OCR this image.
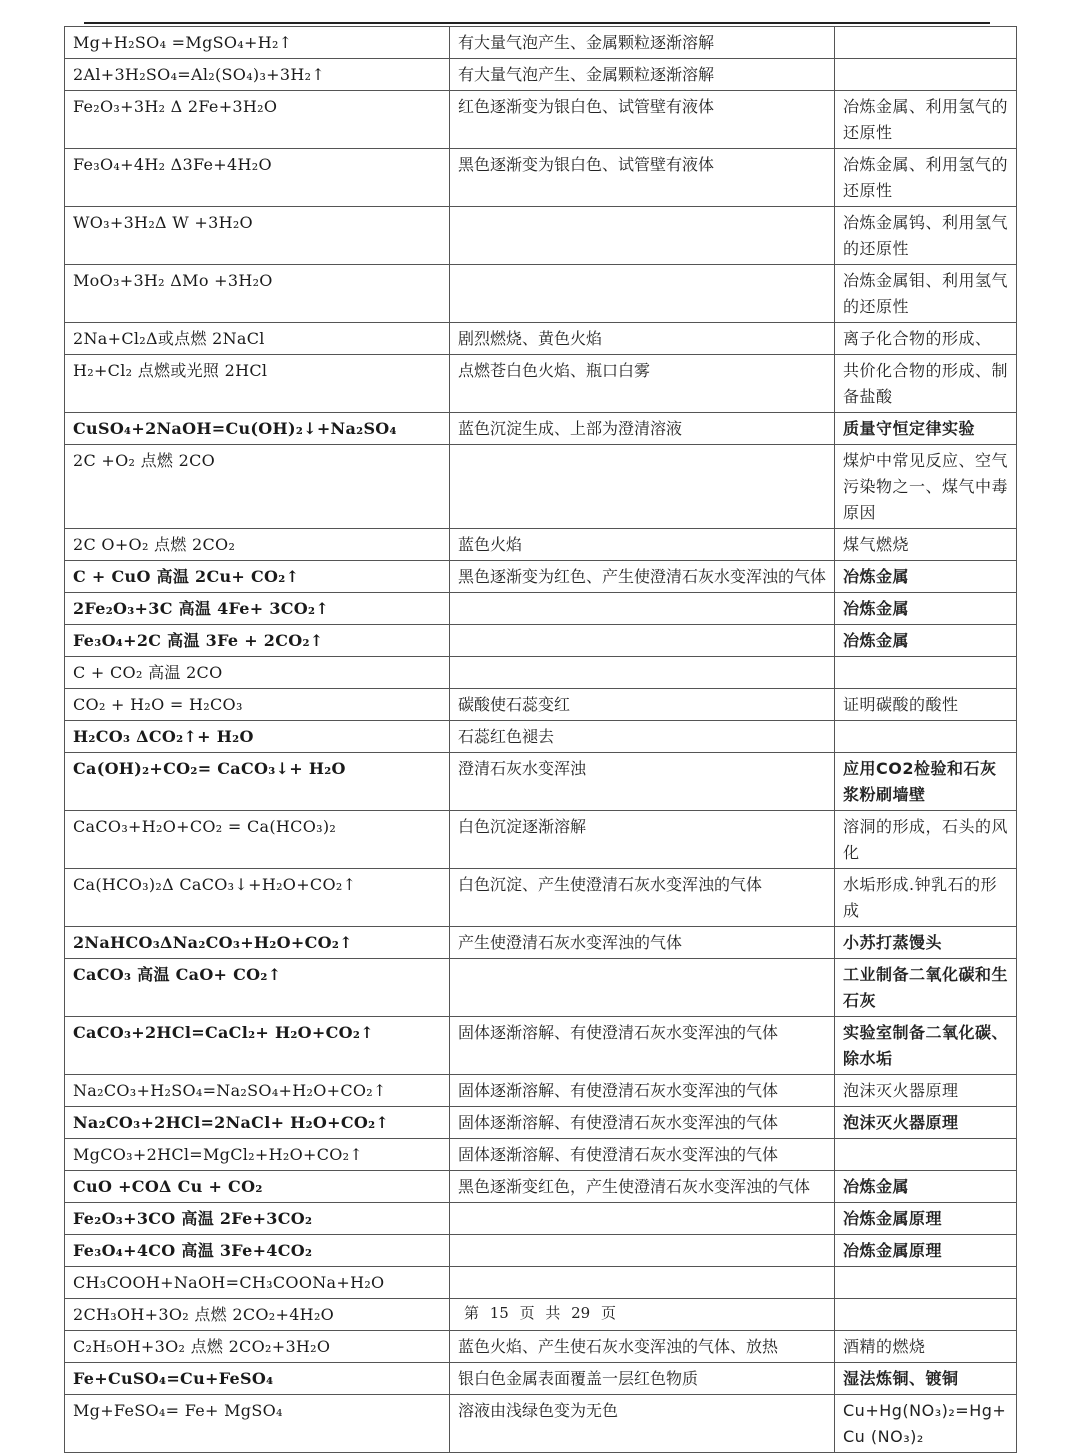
Mg+H₂SO₄ =MgSO₄+H₂↑	有大量气泡产生、金属颗粒逐渐溶解	
2Al+3H₂SO₄=Al₂(SO₄)₃+3H₂↑	有大量气泡产生、金属颗粒逐渐溶解	
Fe₂O₃+3H₂ Δ 2Fe+3H₂O	红色逐渐变为银白色、试管壁有液体	冶炼金属、利用氢气的还原性
Fe₃O₄+4H₂ Δ3Fe+4H₂O	黑色逐渐变为银白色、试管壁有液体	冶炼金属、利用氢气的还原性
WO₃+3H₂Δ W +3H₂O		冶炼金属钨、利用氢气的还原性
MoO₃+3H₂ ΔMo +3H₂O		冶炼金属钼、利用氢气的还原性
2Na+Cl₂Δ或点燃 2NaCl	剧烈燃烧、黄色火焰	离子化合物的形成、
H₂+Cl₂ 点燃或光照 2HCl	点燃苍白色火焰、瓶口白雾	共价化合物的形成、制备盐酸
CuSO₄+2NaOH=Cu(OH)₂↓+Na₂SO₄	蓝色沉淀生成、上部为澄清溶液	质量守恒定律实验
2C +O₂ 点燃 2CO		煤炉中常见反应、空气污染物之一、煤气中毒原因
2C O+O₂ 点燃 2CO₂	蓝色火焰	煤气燃烧
C + CuO 高温 2Cu+ CO₂↑	黑色逐渐变为红色、产生使澄清石灰水变浑浊的气体	冶炼金属
2Fe₂O₃+3C 高温 4Fe+ 3CO₂↑		冶炼金属
Fe₃O₄+2C 高温 3Fe + 2CO₂↑		冶炼金属
C + CO₂ 高温 2CO		
CO₂ + H₂O = H₂CO₃	碳酸使石蕊变红	证明碳酸的酸性
H₂CO₃ ΔCO₂↑+ H₂O	石蕊红色褪去	
Ca(OH)₂+CO₂= CaCO₃↓+ H₂O	澄清石灰水变浑浊	应用CO2检验和石灰浆粉刷墙壁
CaCO₃+H₂O+CO₂ = Ca(HCO₃)₂	白色沉淀逐渐溶解	溶洞的形成，石头的风化
Ca(HCO₃)₂Δ CaCO₃↓+H₂O+CO₂↑	白色沉淀、产生使澄清石灰水变浑浊的气体	水垢形成.钟乳石的形成
2NaHCO₃ΔNa₂CO₃+H₂O+CO₂↑	产生使澄清石灰水变浑浊的气体	小苏打蒸馒头
CaCO₃ 高温 CaO+ CO₂↑		工业制备二氧化碳和生石灰
CaCO₃+2HCl=CaCl₂+ H₂O+CO₂↑	固体逐渐溶解、有使澄清石灰水变浑浊的气体	实验室制备二氧化碳、除水垢
Na₂CO₃+H₂SO₄=Na₂SO₄+H₂O+CO₂↑	固体逐渐溶解、有使澄清石灰水变浑浊的气体	泡沫灭火器原理
Na₂CO₃+2HCl=2NaCl+ H₂O+CO₂↑	固体逐渐溶解、有使澄清石灰水变浑浊的气体	泡沫灭火器原理
MgCO₃+2HCl=MgCl₂+H₂O+CO₂↑	固体逐渐溶解、有使澄清石灰水变浑浊的气体	
CuO +COΔ Cu + CO₂	黑色逐渐变红色，产生使澄清石灰水变浑浊的气体	冶炼金属
Fe₂O₃+3CO 高温 2Fe+3CO₂		冶炼金属原理
Fe₃O₄+4CO 高温 3Fe+4CO₂		冶炼金属原理
CH₃COOH+NaOH=CH₃COONa+H₂O		
2CH₃OH+3O₂ 点燃 2CO₂+4H₂O		
C₂H₅OH+3O₂ 点燃 2CO₂+3H₂O	蓝色火焰、产生使石灰水变浑浊的气体、放热	酒精的燃烧
Fe+CuSO₄=Cu+FeSO₄	银白色金属表面覆盖一层红色物质	湿法炼铜、镀铜
Mg+FeSO₄= Fe+ MgSO₄	溶液由浅绿色变为无色	Cu+Hg(NO₃)₂=Hg+ Cu (NO₃)₂
第 15 页 共 29 页
